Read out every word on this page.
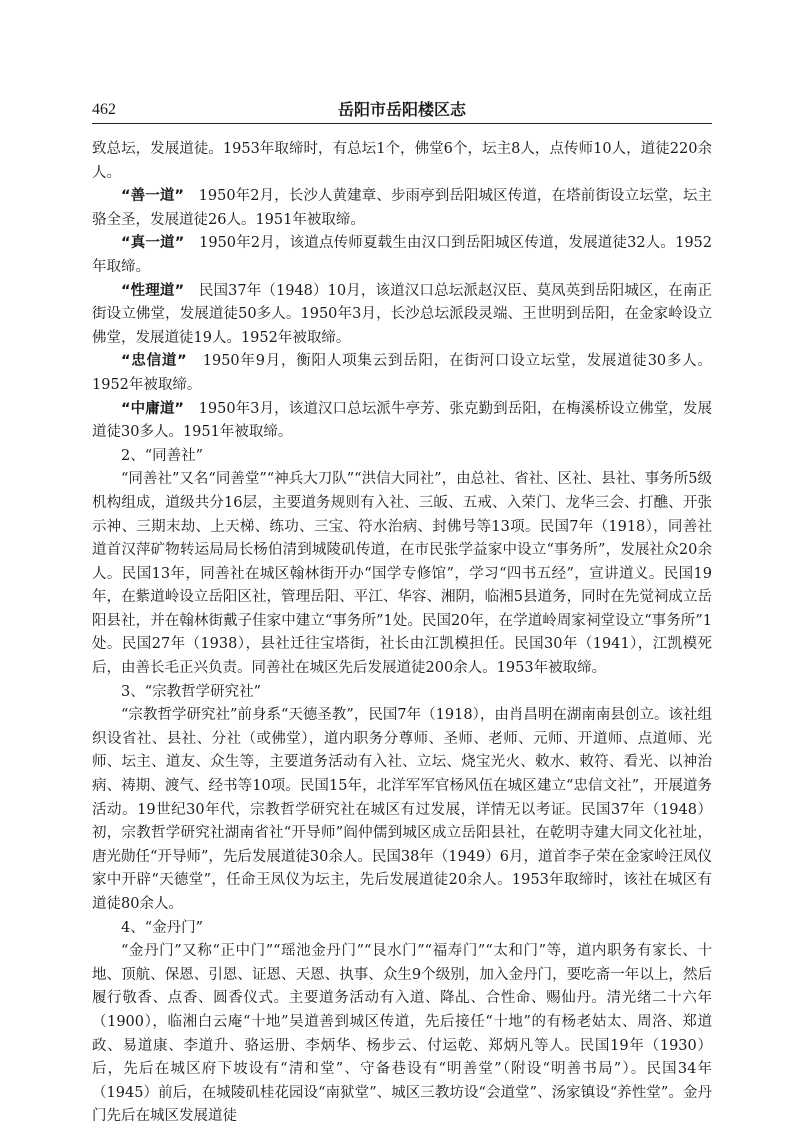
462	岳阳市岳阳楼区志

致总坛，发展道徒。1953年取缔时，有总坛1个，佛堂6个，坛主8人，点传师10人，道徒220余人。

“善一道”　1950年2月，长沙人黄建章、步雨亭到岳阳城区传道，在塔前街设立坛堂，坛主骆全圣，发展道徒26人。1951年被取缔。

“真一道”　1950年2月，该道点传师夏载生由汉口到岳阳城区传道，发展道徒32人。1952年取缔。

“性理道”　民国37年（1948）10月，该道汉口总坛派赵汉臣、莫凤英到岳阳城区，在南正街设立佛堂，发展道徒50多人。1950年3月，长沙总坛派段灵端、王世明到岳阳，在金家岭设立佛堂，发展道徒19人。1952年被取缔。

“忠信道”　1950年9月，衡阳人项集云到岳阳，在街河口设立坛堂，发展道徒30多人。1952年被取缔。

“中庸道”　1950年3月，该道汉口总坛派牛亭芳、张克勤到岳阳，在梅溪桥设立佛堂，发展道徒30多人。1951年被取缔。

2、“同善社”

“同善社”又名“同善堂”“神兵大刀队”“洪信大同社”，由总社、省社、区社、县社、事务所5级机构组成，道级共分16层，主要道务规则有入社、三皈、五戒、入荣门、龙华三会、打醮、开张示神、三期末劫、上天梯、练功、三宝、符水治病、封佛号等13项。民国7年（1918），同善社道首汉萍矿物转运局局长杨伯清到城陵矶传道，在市民张学益家中设立“事务所”，发展社众20余人。民国13年，同善社在城区翰林街开办“国学专修馆”，学习“四书五经”，宣讲道义。民国19年，在紫道岭设立岳阳区社，管理岳阳、平江、华容、湘阴，临湘5县道务，同时在先觉祠成立岳阳县社，并在翰林街戴子佳家中建立“事务所”1处。民国20年，在学道岭周家祠堂设立“事务所”1处。民国27年（1938），县社迁往宝塔街，社长由江凯模担任。民国30年（1941），江凯模死后，由善长毛正兴负责。同善社在城区先后发展道徒200余人。1953年被取缔。

3、“宗教哲学研究社”

“宗教哲学研究社”前身系“天德圣教”，民国7年（1918），由肖昌明在湖南南县创立。该社组织设省社、县社、分社（或佛堂），道内职务分尊师、圣师、老师、元师、开道师、点道师、光师、坛主、道友、众生等，主要道务活动有入社、立坛、烧宝光火、敕水、敕符、看光、以神治病、祷期、渡气、经书等10项。民国15年，北洋军军官杨风伍在城区建立“忠信文社”，开展道务活动。19世纪30年代，宗教哲学研究社在城区有过发展，详情无以考证。民国37年（1948）初，宗教哲学研究社湖南省社“开导师”阎仲儒到城区成立岳阳县社，在乾明寺建大同文化社址，唐光勋任“开导师”，先后发展道徒30余人。民国38年（1949）6月，道首李子荣在金家岭汪凤仪家中开辟“天德堂”，任命王凤仪为坛主，先后发展道徒20余人。1953年取缔时，该社在城区有道徒80余人。

4、“金丹门”

“金丹门”又称“正中门”“瑶池金丹门”“艮水门”“福寿门”“太和门”等，道内职务有家长、十地、顶航、保恩、引恩、证恩、天恩、执事、众生9个级别，加入金丹门，要吃斋一年以上，然后履行敬香、点香、圆香仪式。主要道务活动有入道、降乩、合性命、赐仙丹。清光绪二十六年（1900），临湘白云庵“十地”吴道善到城区传道，先后接任“十地”的有杨老姑太、周洛、郑道政、易道康、李道升、骆运册、李炳华、杨步云、付运乾、郑炳凡等人。民国19年（1930）后，先后在城区府下坡设有“清和堂”、守备巷设有“明善堂”（附设“明善书局”）。民国34年（1945）前后，在城陵矶桂花园设“南狱堂”、城区三教坊设“会道堂”、汤家镇设“养性堂”。金丹门先后在城区发展道徒
